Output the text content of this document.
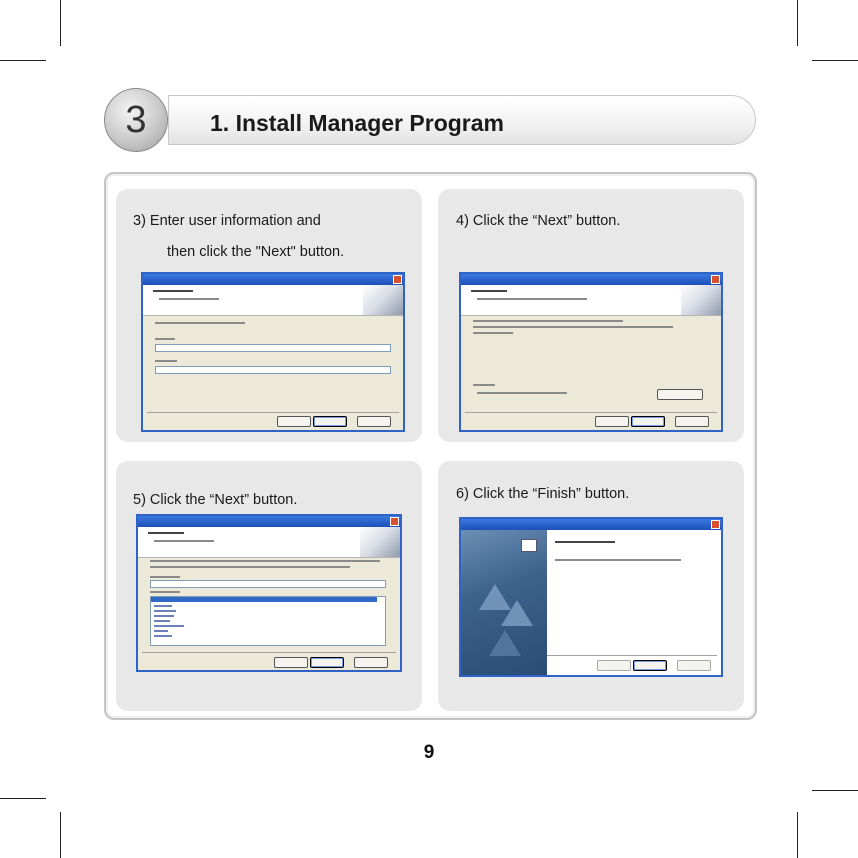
3	1. Install Manager Program
3) Enter user information and
then click the "Next" button.
4) Click the “Next” button.
5) Click the “Next” button.	6) Click the “Finish” button.
9
